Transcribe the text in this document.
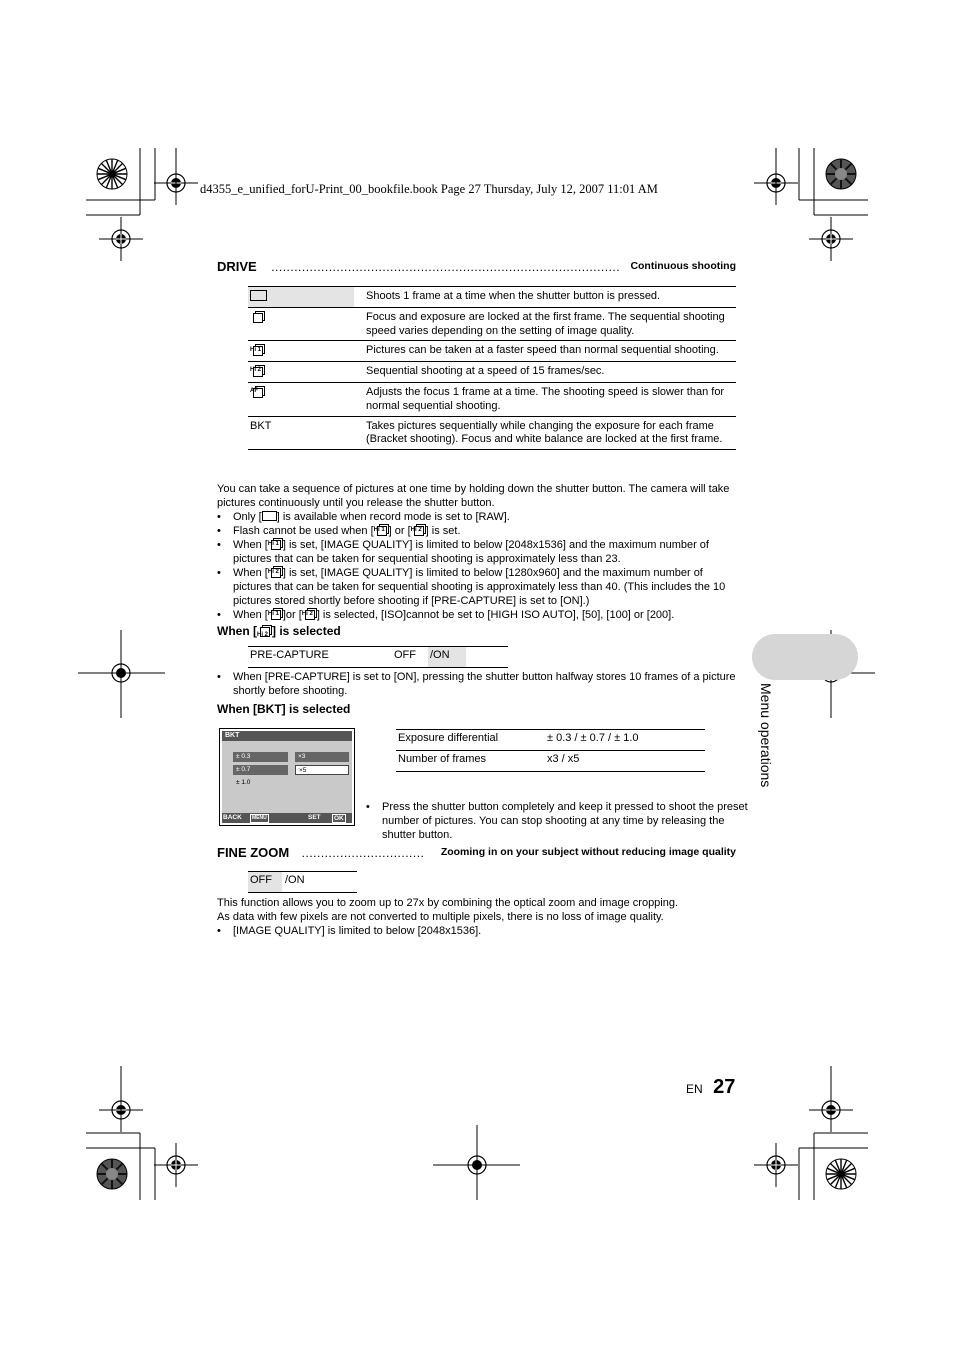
d4355_e_unified_forU-Print_00_bookfile.book Page 27 Thursday, July 12, 2007 11:01 AM
DRIVE ........................................................................................... Continuous shooting
		Shoots 1 frame at a time when the shutter button is pressed.

		Focus and exposure are locked at the first frame. The sequential shooting speed varies depending on the setting of image quality.

Hi 1		Pictures can be taken at a faster speed than normal sequential shooting.

Hi 2		Sequential shooting at a speed of 15 frames/sec.

AF		Adjusts the focus 1 frame at a time. The shooting speed is slower than for normal sequential shooting.
BKT		Takes pictures sequentially while changing the exposure for each frame (Bracket shooting). Focus and white balance are locked at the first frame.

You can take a sequence of pictures at one time by holding down the shutter button. The camera will take pictures continuously until you release the shutter button.

• Only [ ] is available when record mode is set to [RAW].
• Flash cannot be used when [ Hi 1 ] or [ Hi 2 ] is set.
• When [ Hi 1 ] is set, [IMAGE QUALITY] is limited to below [2048x1536] and the maximum number of pictures that can be taken for sequential shooting is approximately less than 23.
• When [ Hi 2 ] is set, [IMAGE QUALITY] is limited to below [1280x960] and the maximum number of pictures that can be taken for sequential shooting is approximately less than 40. (This includes the 10 pictures stored shortly before shooting if [PRE-CAPTURE] is set to [ON].)
• When [ Hi 1 ]or [ Hi 2 ] is selected, [ISO]cannot be set to [HIGH ISO AUTO], [50], [100] or [200].
When [ Hi 2 ] is selected
PRE-CAPTURE	OFF /ON
• When [PRE-CAPTURE] is set to [ON], pressing the shutter button halfway stores 10 frames of a picture shortly before shooting.
When [BKT] is selected
BKT
± 0.3
± 0.7
± 1.0
×3
×5
BACK	MENU	SET	OK
Exposure differential	± 0.3 / ± 0.7 / ± 1.0
Number of frames	x3 / x5
• Press the shutter button completely and keep it pressed to shoot the preset number of pictures. You can stop shooting at any time by releasing the shutter button.
FINE ZOOM ................................ Zooming in on your subject without reducing image quality
OFF /ON

This function allows you to zoom up to 27x by combining the optical zoom and image cropping.

As data with few pixels are not converted to multiple pixels, there is no loss of image quality.

• [IMAGE QUALITY] is limited to below [2048x1536].
Menu operations
EN 27
